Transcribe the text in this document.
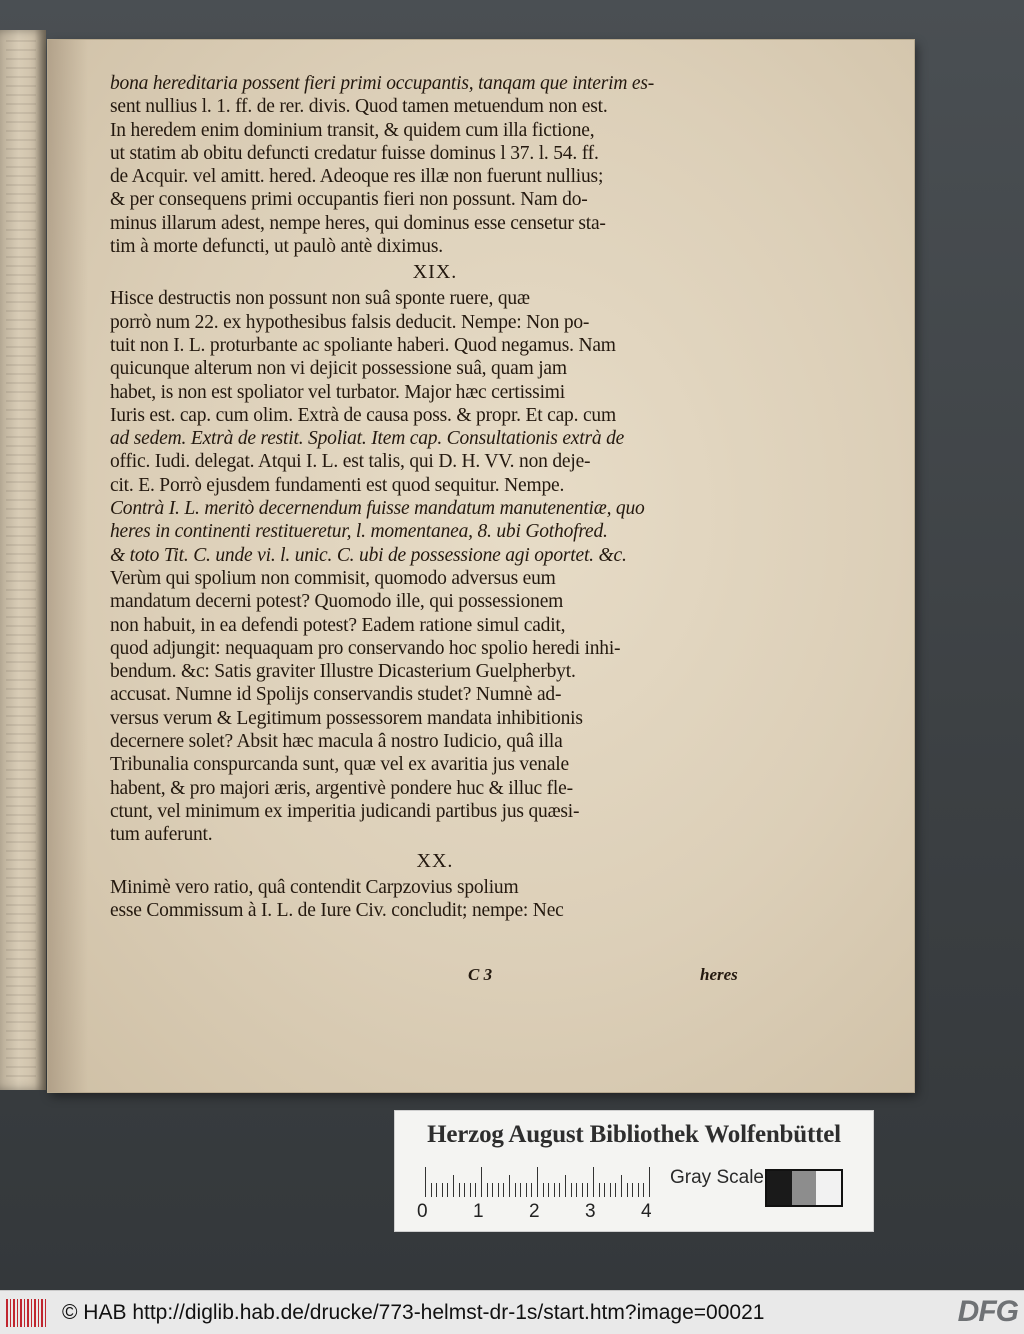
bona hereditaria possent fieri primi occupantis, tanqam que interim es-
sent nullius l. 1. ff. de rer. divis. Quod tamen metuendum non est.
In heredem enim dominium transit, & quidem cum illa fictione,
ut statim ab obitu defuncti credatur fuisse dominus l 37. l. 54. ff.
de Acquir. vel amitt. hered. Adeoque res illæ non fuerunt nullius;
& per consequens primi occupantis fieri non possunt. Nam do-
minus illarum adest, nempe heres, qui dominus esse censetur sta-
tim à morte defuncti, ut paulò antè diximus.
XIX.
Hisce destructis non possunt non suâ sponte ruere, quæ
porrò num 22. ex hypothesibus falsis deducit. Nempe: Non po-
tuit non I. L. proturbante ac spoliante haberi. Quod negamus. Nam
quicunque alterum non vi dejicit possessione suâ, quam jam
habet, is non est spoliator vel turbator. Major hæc certissimi
Iuris est. cap. cum olim. Extrà de causa poss. & propr. Et cap. cum
ad sedem. Extrà de restit. Spoliat. Item cap. Consultationis extrà de
offic. Iudi. delegat. Atqui I. L. est talis, qui D. H. VV. non deje-
cit. E. Porrò ejusdem fundamenti est quod sequitur. Nempe.
Contrà I. L. meritò decernendum fuisse mandatum manutenentiæ, quo
heres in continenti restitueretur, l. momentanea, 8. ubi Gothofred.
& toto Tit. C. unde vi. l. unic. C. ubi de possessione agi oportet. &c.
Verùm qui spolium non commisit, quomodo adversus eum
mandatum decerni potest? Quomodo ille, qui possessionem
non habuit, in ea defendi potest? Eadem ratione simul cadit,
quod adjungit: nequaquam pro conservando hoc spolio heredi inhi-
bendum. &c: Satis graviter Illustre Dicasterium Guelpherbyt.
accusat. Numne id Spolijs conservandis studet? Numnè ad-
versus verum & Legitimum possessorem mandata inhibitionis
decernere solet? Absit hæc macula â nostro Iudicio, quâ illa
Tribunalia conspurcanda sunt, quæ vel ex avaritia jus venale
habent, & pro majori æris, argentivè pondere huc & illuc fle-
ctunt, vel minimum ex imperitia judicandi partibus jus quæsi-
tum auferunt.
XX.
Minimè vero ratio, quâ contendit Carpzovius spolium
esse Commissum à I. L. de Iure Civ. concludit; nempe: Nec
C 3	heres
Herzog August Bibliothek Wolfenbüttel
0 1 2 3 4
Gray Scale
© HAB http://diglib.hab.de/drucke/773-helmst-dr-1s/start.htm?image=00021	DFG
